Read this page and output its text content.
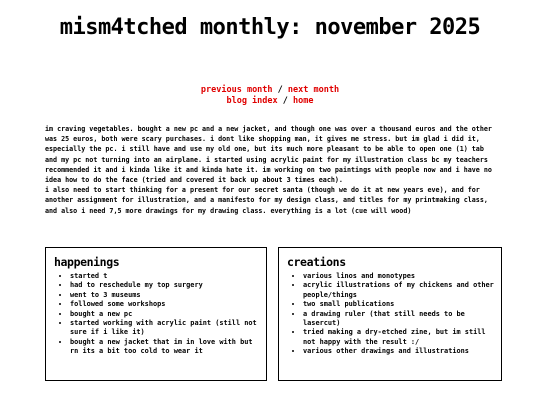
mism4tched monthly: november 2025
previous month / next month
blog index / home

im craving vegetables. bought a new pc and a new jacket, and though one was over a thousand euros and the other was 25 euros, both were scary purchases. i dont like shopping man, it gives me stress. but im glad i did it, especially the pc. i still have and use my old one, but its much more pleasant to be able to open one (1) tab and my pc not turning into an airplane. i started using acrylic paint for my illustration class bc my teachers recommended it and i kinda like it and kinda hate it. im working on two paintings with people now and i have no idea how to do the face (tried and covered it back up about 3 times each).

i also need to start thinking for a present for our secret santa (though we do it at new years eve), and for another assignment for illustration, and a manifesto for my design class, and titles for my printmaking class, and also i need 7,5 more drawings for my drawing class. everything is a lot (cue will wood)

happenings
• started t
• had to reschedule my top surgery
• went to 3 museums
• followed some workshops
• bought a new pc
• started working with acrylic paint (still not sure if i like it)
• bought a new jacket that im in love with but rn its a bit too cold to wear it
creations
• various linos and monotypes
• acrylic illustrations of my chickens and other people/things
• two small publications
• a drawing ruler (that still needs to be lasercut)
• tried making a dry-etched zine, but im still not happy with the result :/
• various other drawings and illustrations
